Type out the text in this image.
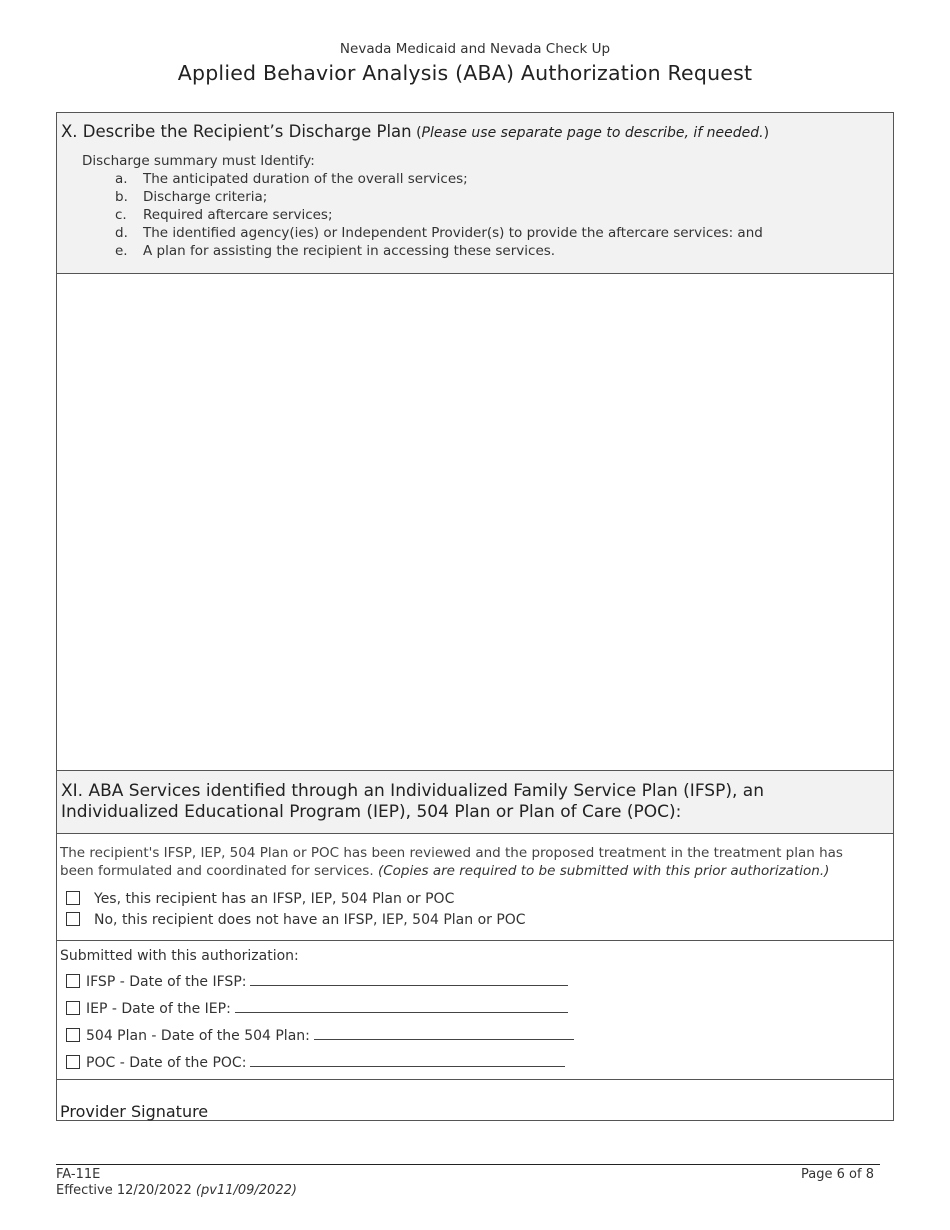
Nevada Medicaid and Nevada Check Up
Applied Behavior Analysis (ABA) Authorization Request
X. Describe the Recipient’s Discharge Plan (Please use separate page to describe, if needed.)
Discharge summary must Identify:
a. The anticipated duration of the overall services;
b. Discharge criteria;
c. Required aftercare services;
d. The identified agency(ies) or Independent Provider(s) to provide the aftercare services: and
e. A plan for assisting the recipient in accessing these services.
XI. ABA Services identified through an Individualized Family Service Plan (IFSP), an
Individualized Educational Program (IEP), 504 Plan or Plan of Care (POC):
The recipient's IFSP, IEP, 504 Plan or POC has been reviewed and the proposed treatment in the treatment plan has been formulated and coordinated for services. (Copies are required to be submitted with this prior authorization.)
Yes, this recipient has an IFSP, IEP, 504 Plan or POC
No, this recipient does not have an IFSP, IEP, 504 Plan or POC
Submitted with this authorization:
IFSP - Date of the IFSP:
IEP - Date of the IEP:
504 Plan - Date of the 504 Plan:
POC - Date of the POC:
Provider Signature
FA-11E
Effective 12/20/2022 (pv11/09/2022)
Page 6 of 8
